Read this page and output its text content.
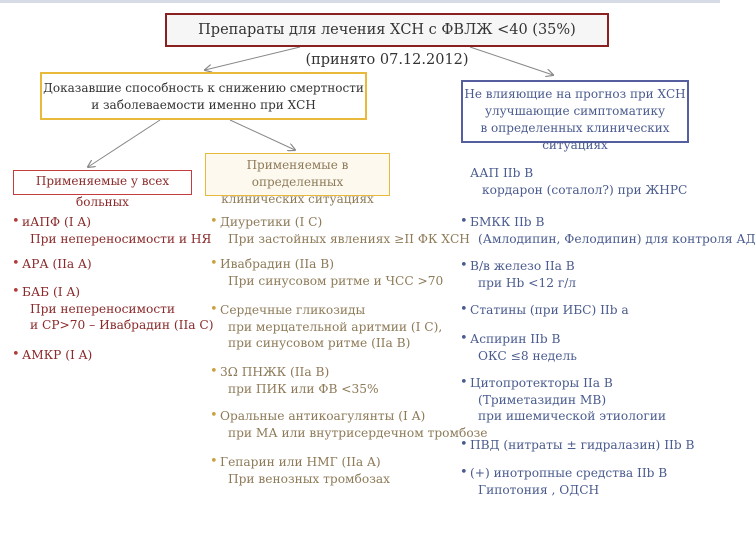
Препараты для лечения ХСН с ФВЛЖ <40 (35%) (принято 07.12.2012)
Доказавшие способность к снижению смертности
и заболеваемости именно при ХСН
Не влияющие на прогноз при ХСН
улучшающие симптоматику
в определенных клинических ситуациях
Применяемые у всех больных
Применяемые в определенных
клинических ситуациях
• иАПФ (I A)
При непереносимости и НЯ
• АРА (IIa A)
• БАБ (I A)
При непереносимости
и СР>70 – Ивабрадин (IIa C)
• АМКР (I A)
• Диуретики (I C)
При застойных явлениях ≥II ФК ХСН
• Ивабрадин (IIa B)
При синусовом ритме и ЧСС >70
• Сердечные гликозиды
при мерцательной аритмии (I C),
при синусовом ритме (IIa B)
• 3Ω ПНЖК (IIa B)
при ПИК или ФВ <35%
• Оральные антикоагулянты (I A)
при МА или внутрисердечном тромбозе
• Гепарин или НМГ (IIa A)
При венозных тромбозах
ААП IIb B
кордарон (соталол?) при ЖНРС
• БМКК IIb B
(Амлодипин, Фелодипин) для контроля АД
• В/в железо IIa B
при Hb <12 г/л
• Статины (при ИБС) IIb a
• Аспирин IIb B
ОКС ≤8 недель
• Цитопротекторы IIa B
(Триметазидин МВ)
при ишемической этиологии
• ПВД (нитраты ± гидралазин) IIb B
• (+) инотропные средства IIb B
Гипотония , ОДСН
